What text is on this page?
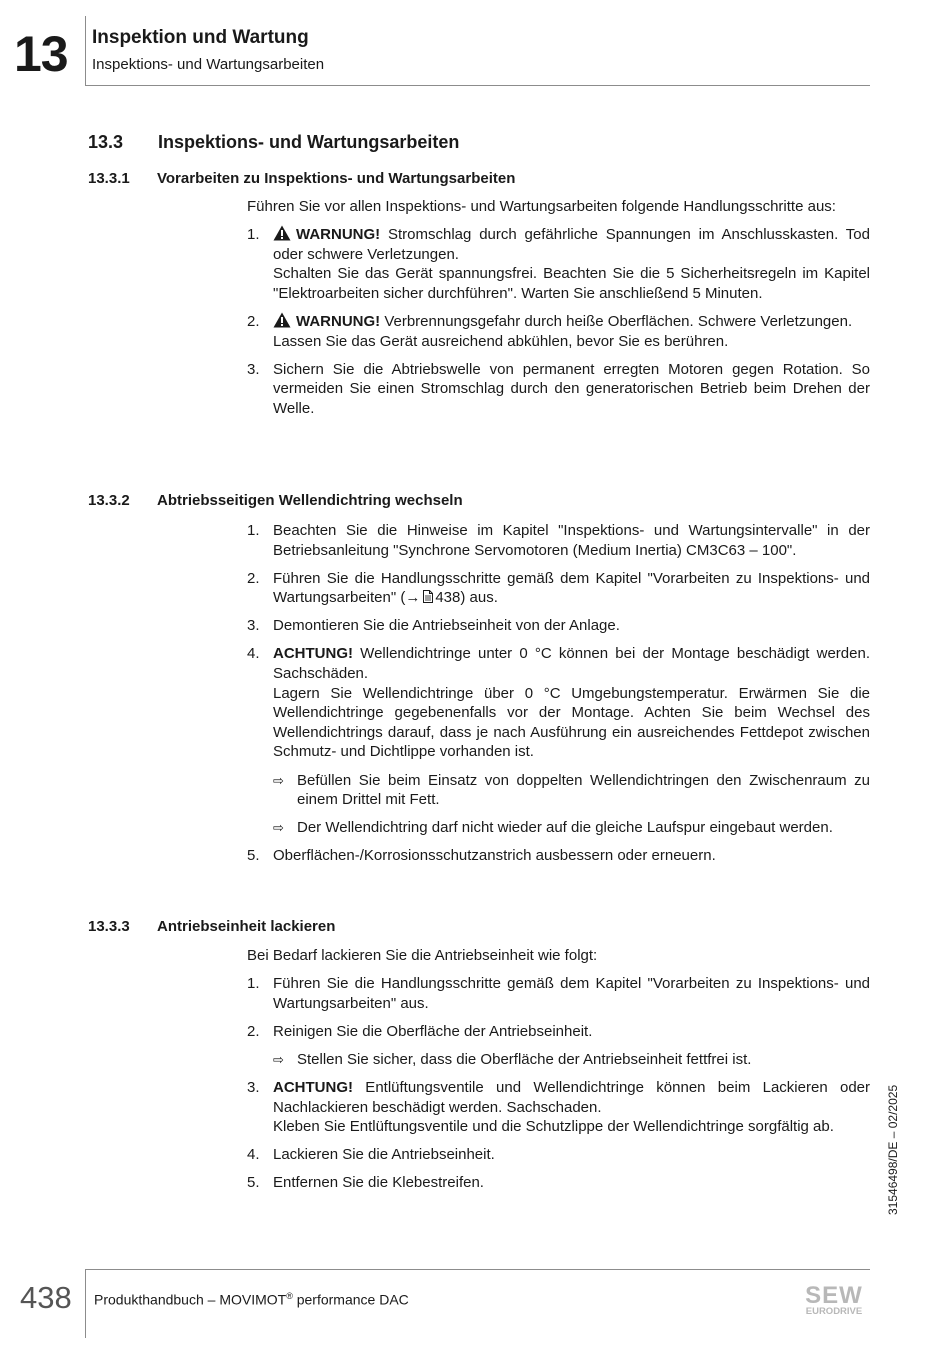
13 Inspektion und Wartung
Inspektions- und Wartungsarbeiten
13.3 Inspektions- und Wartungsarbeiten
13.3.1 Vorarbeiten zu Inspektions- und Wartungsarbeiten

Führen Sie vor allen Inspektions- und Wartungsarbeiten folgende Handlungsschritte aus:

1. WARNUNG! Stromschlag durch gefährliche Spannungen im Anschlusskasten. Tod oder schwere Verletzungen.
Schalten Sie das Gerät spannungsfrei. Beachten Sie die 5 Sicherheitsregeln im Kapitel "Elektroarbeiten sicher durchführen". Warten Sie anschließend 5 Minuten.
2. WARNUNG! Verbrennungsgefahr durch heiße Oberflächen. Schwere Verletzungen.
Lassen Sie das Gerät ausreichend abkühlen, bevor Sie es berühren.
3. Sichern Sie die Abtriebswelle von permanent erregten Motoren gegen Rotation. So vermeiden Sie einen Stromschlag durch den generatorischen Betrieb beim Drehen der Welle.
13.3.2 Abtriebsseitigen Wellendichtring wechseln
1. Beachten Sie die Hinweise im Kapitel "Inspektions- und Wartungsintervalle" in der Betriebsanleitung "Synchrone Servomotoren (Medium Inertia) CM3C63 – 100".
2. Führen Sie die Handlungsschritte gemäß dem Kapitel "Vorarbeiten zu Inspektions- und Wartungsarbeiten" (→ 438) aus.
3. Demontieren Sie die Antriebseinheit von der Anlage.
4. ACHTUNG! Wellendichtringe unter 0 °C können bei der Montage beschädigt werden. Sachschäden.
Lagern Sie Wellendichtringe über 0 °C Umgebungstemperatur. Erwärmen Sie die Wellendichtringe gegebenenfalls vor der Montage. Achten Sie beim Wechsel des Wellendichtrings darauf, dass je nach Ausführung ein ausreichendes Fettdepot zwischen Schmutz- und Dichtlippe vorhanden ist.
⇨ Befüllen Sie beim Einsatz von doppelten Wellendichtringen den Zwischenraum zu einem Drittel mit Fett.
⇨ Der Wellendichtring darf nicht wieder auf die gleiche Laufspur eingebaut werden.
5. Oberflächen-/Korrosionsschutzanstrich ausbessern oder erneuern.
13.3.3 Antriebseinheit lackieren

Bei Bedarf lackieren Sie die Antriebseinheit wie folgt:

1. Führen Sie die Handlungsschritte gemäß dem Kapitel "Vorarbeiten zu Inspektions- und Wartungsarbeiten" aus.
2. Reinigen Sie die Oberfläche der Antriebseinheit.
⇨ Stellen Sie sicher, dass die Oberfläche der Antriebseinheit fettfrei ist.
3. ACHTUNG! Entlüftungsventile und Wellendichtringe können beim Lackieren oder Nachlackieren beschädigt werden. Sachschaden.
Kleben Sie Entlüftungsventile und die Schutzlippe der Wellendichtringe sorgfältig ab.
4. Lackieren Sie die Antriebseinheit.
5. Entfernen Sie die Klebestreifen.	31546498/DE – 02/2025
438 Produkthandbuch – MOVIMOT® performance DAC	SEW
EURODRIVE
